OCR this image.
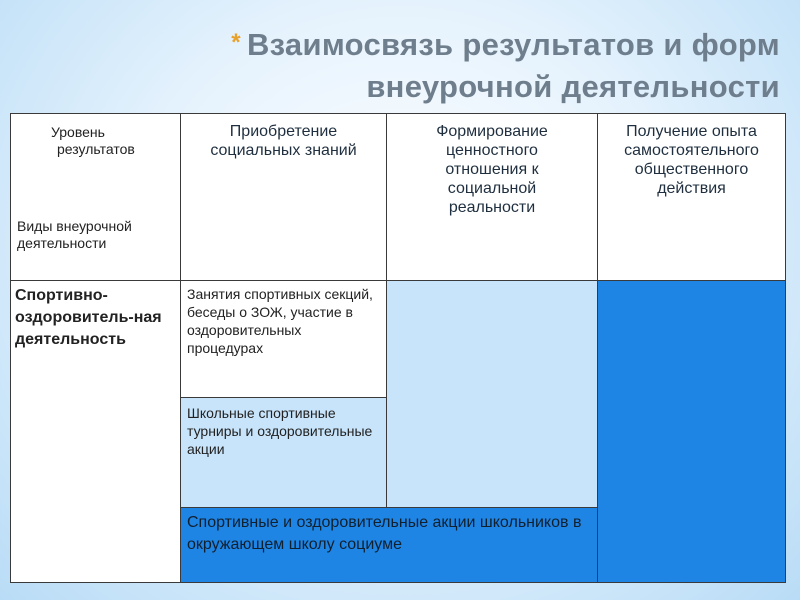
* Взаимосвязь результатов и форм
внеурочной деятельности
Уровень
результатов
Виды внеурочной деятельности
Приобретение социальных знаний
Формирование ценностного отношения к социальной реальности
Получение опыта самостоятельного общественного действия
Спортивно-оздоровитель-ная деятельность
Занятия спортивных секций, беседы о ЗОЖ, участие в оздоровительных процедурах
Школьные спортивные турниры и оздоровительные акции
Спортивные и оздоровительные акции школьников в окружающем школу социуме
